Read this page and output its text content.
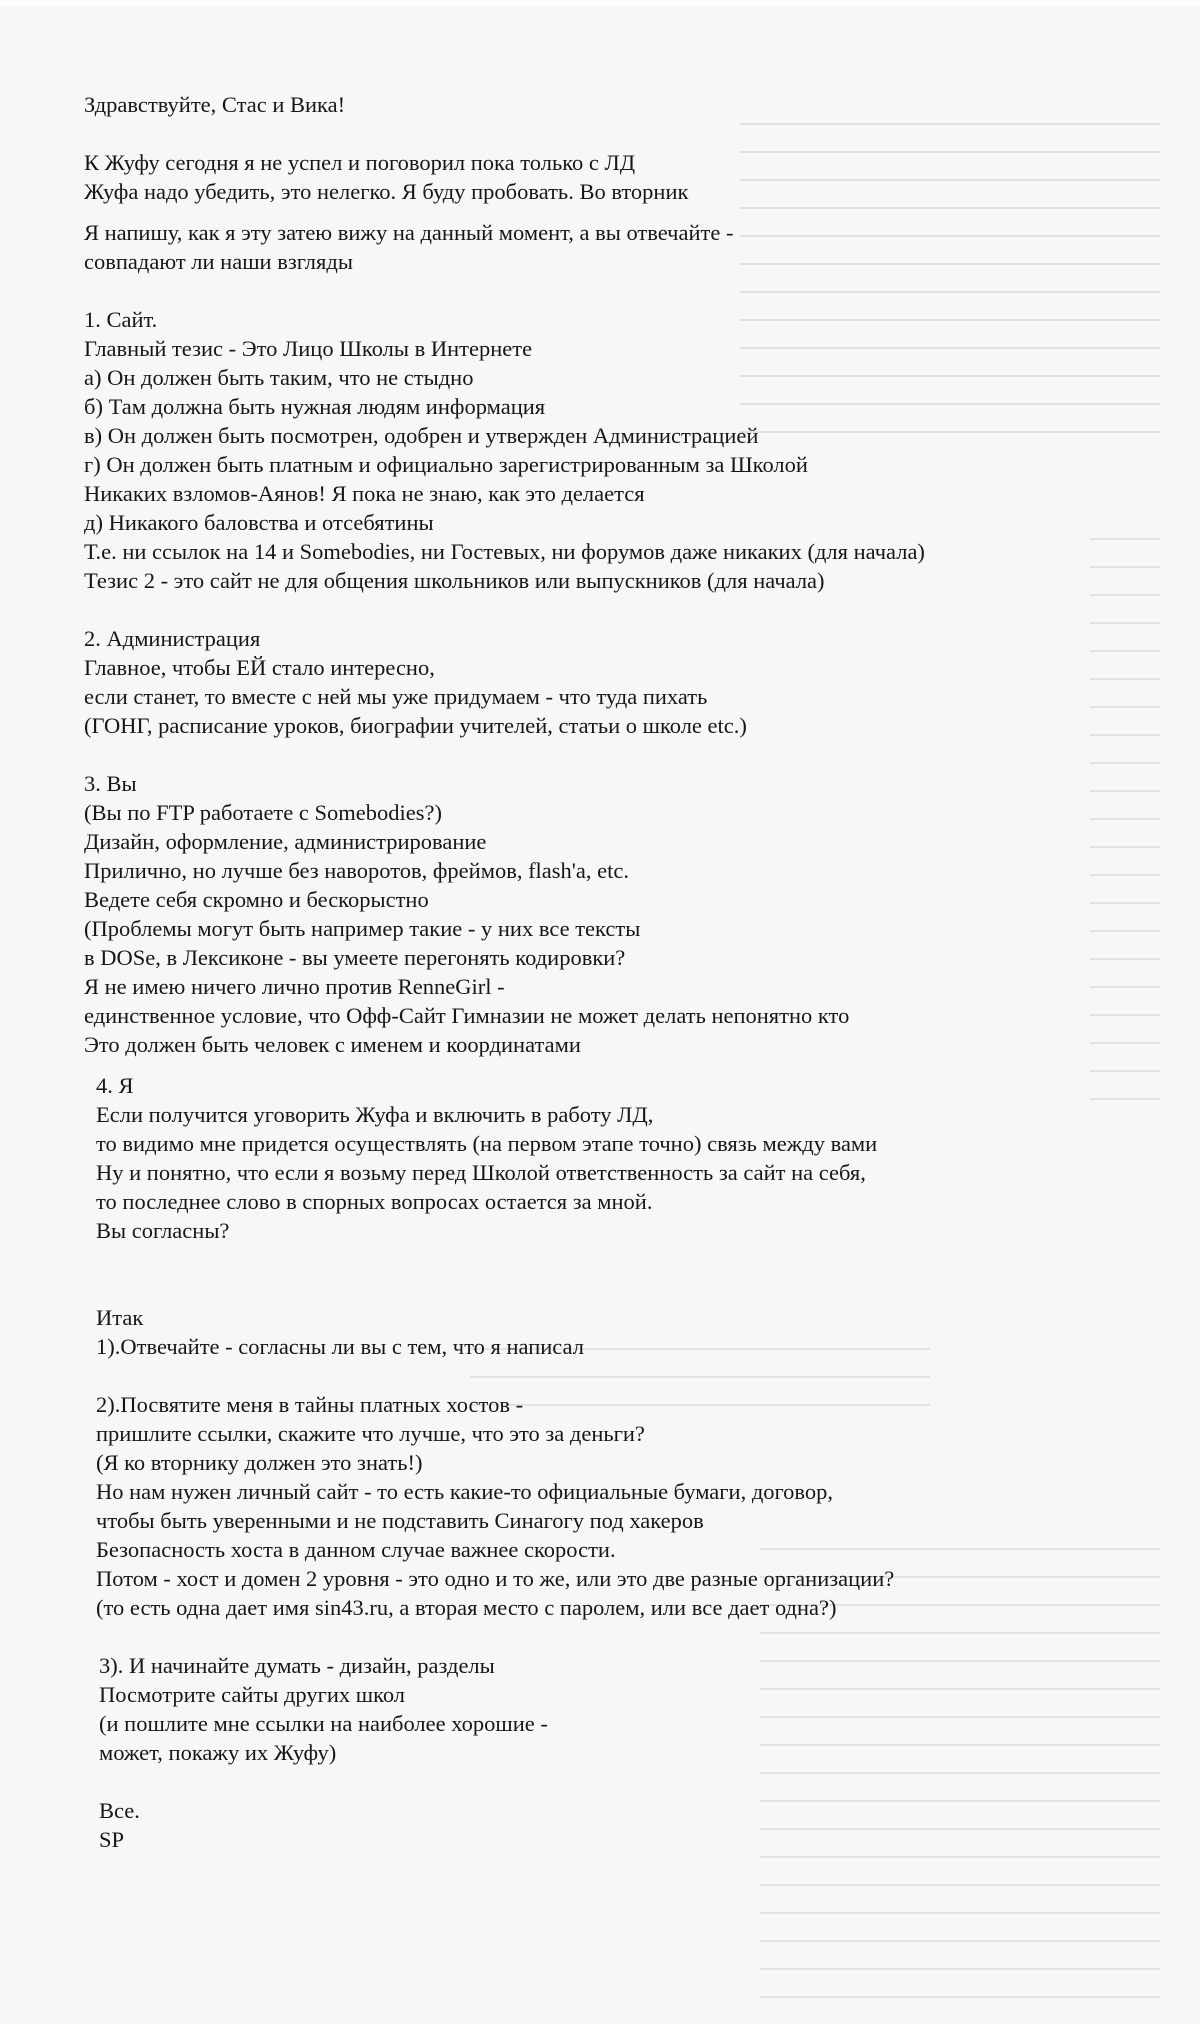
Здравствуйте, Стас и Вика!
К Жуфу сегодня я не успел и поговорил пока только с ЛД
Жуфа надо убедить, это нелегко. Я буду пробовать. Во вторник
Я напишу, как я эту затею вижу на данный момент, а вы отвечайте -
совпадают ли наши взгляды
1. Сайт.
Главный тезис - Это Лицо Школы в Интернете
а) Он должен быть таким, что не стыдно
б) Там должна быть нужная людям информация
в) Он должен быть посмотрен, одобрен и утвержден Администрацией
г) Он должен быть платным и официально зарегистрированным за Школой
Никаких взломов-Аянов! Я пока не знаю, как это делается
д) Никакого баловства и отсебятины
Т.е. ни ссылок на 14 и Somebodies, ни Гостевых, ни форумов даже никаких (для начала)
Тезис 2 - это сайт не для общения школьников или выпускников (для начала)
2. Администрация
Главное, чтобы ЕЙ стало интересно,
если станет, то вместе с ней мы уже придумаем - что туда пихать
(ГОНГ, расписание уроков, биографии учителей, статьи о школе etc.)
3. Вы
(Вы по FTP работаете с Somebodies?)
Дизайн, оформление, администрирование
Прилично, но лучше без наворотов, фреймов, flash'a, etc.
Ведете себя скромно и бескорыстно
(Проблемы могут быть например такие - у них все тексты
в DOSe, в Лексиконе - вы умеете перегонять кодировки?
Я не имею ничего лично против RenneGirl -
единственное условие, что Офф-Сайт Гимназии не может делать непонятно кто
Это должен быть человек с именем и координатами
4. Я
Если получится уговорить Жуфа и включить в работу ЛД,
то видимо мне придется осуществлять (на первом этапе точно) связь между вами
Ну и понятно, что если я возьму перед Школой ответственность за сайт на себя,
то последнее слово в спорных вопросах остается за мной.
Вы согласны?
Итак
1).Отвечайте - согласны ли вы с тем, что я написал
2).Посвятите меня в тайны платных хостов -
пришлите ссылки, скажите что лучше, что это за деньги?
(Я ко вторнику должен это знать!)
Но нам нужен личный сайт - то есть какие-то официальные бумаги, договор,
чтобы быть уверенными и не подставить Синагогу под хакеров
Безопасность хоста в данном случае важнее скорости.
Потом - хост и домен 2 уровня - это одно и то же, или это две разные организации?
(то есть одна дает имя sin43.ru, а вторая место с паролем, или все дает одна?)
3). И начинайте думать - дизайн, разделы
Посмотрите сайты других школ
(и пошлите мне ссылки на наиболее хорошие -
может, покажу их Жуфу)
Все.
SP
